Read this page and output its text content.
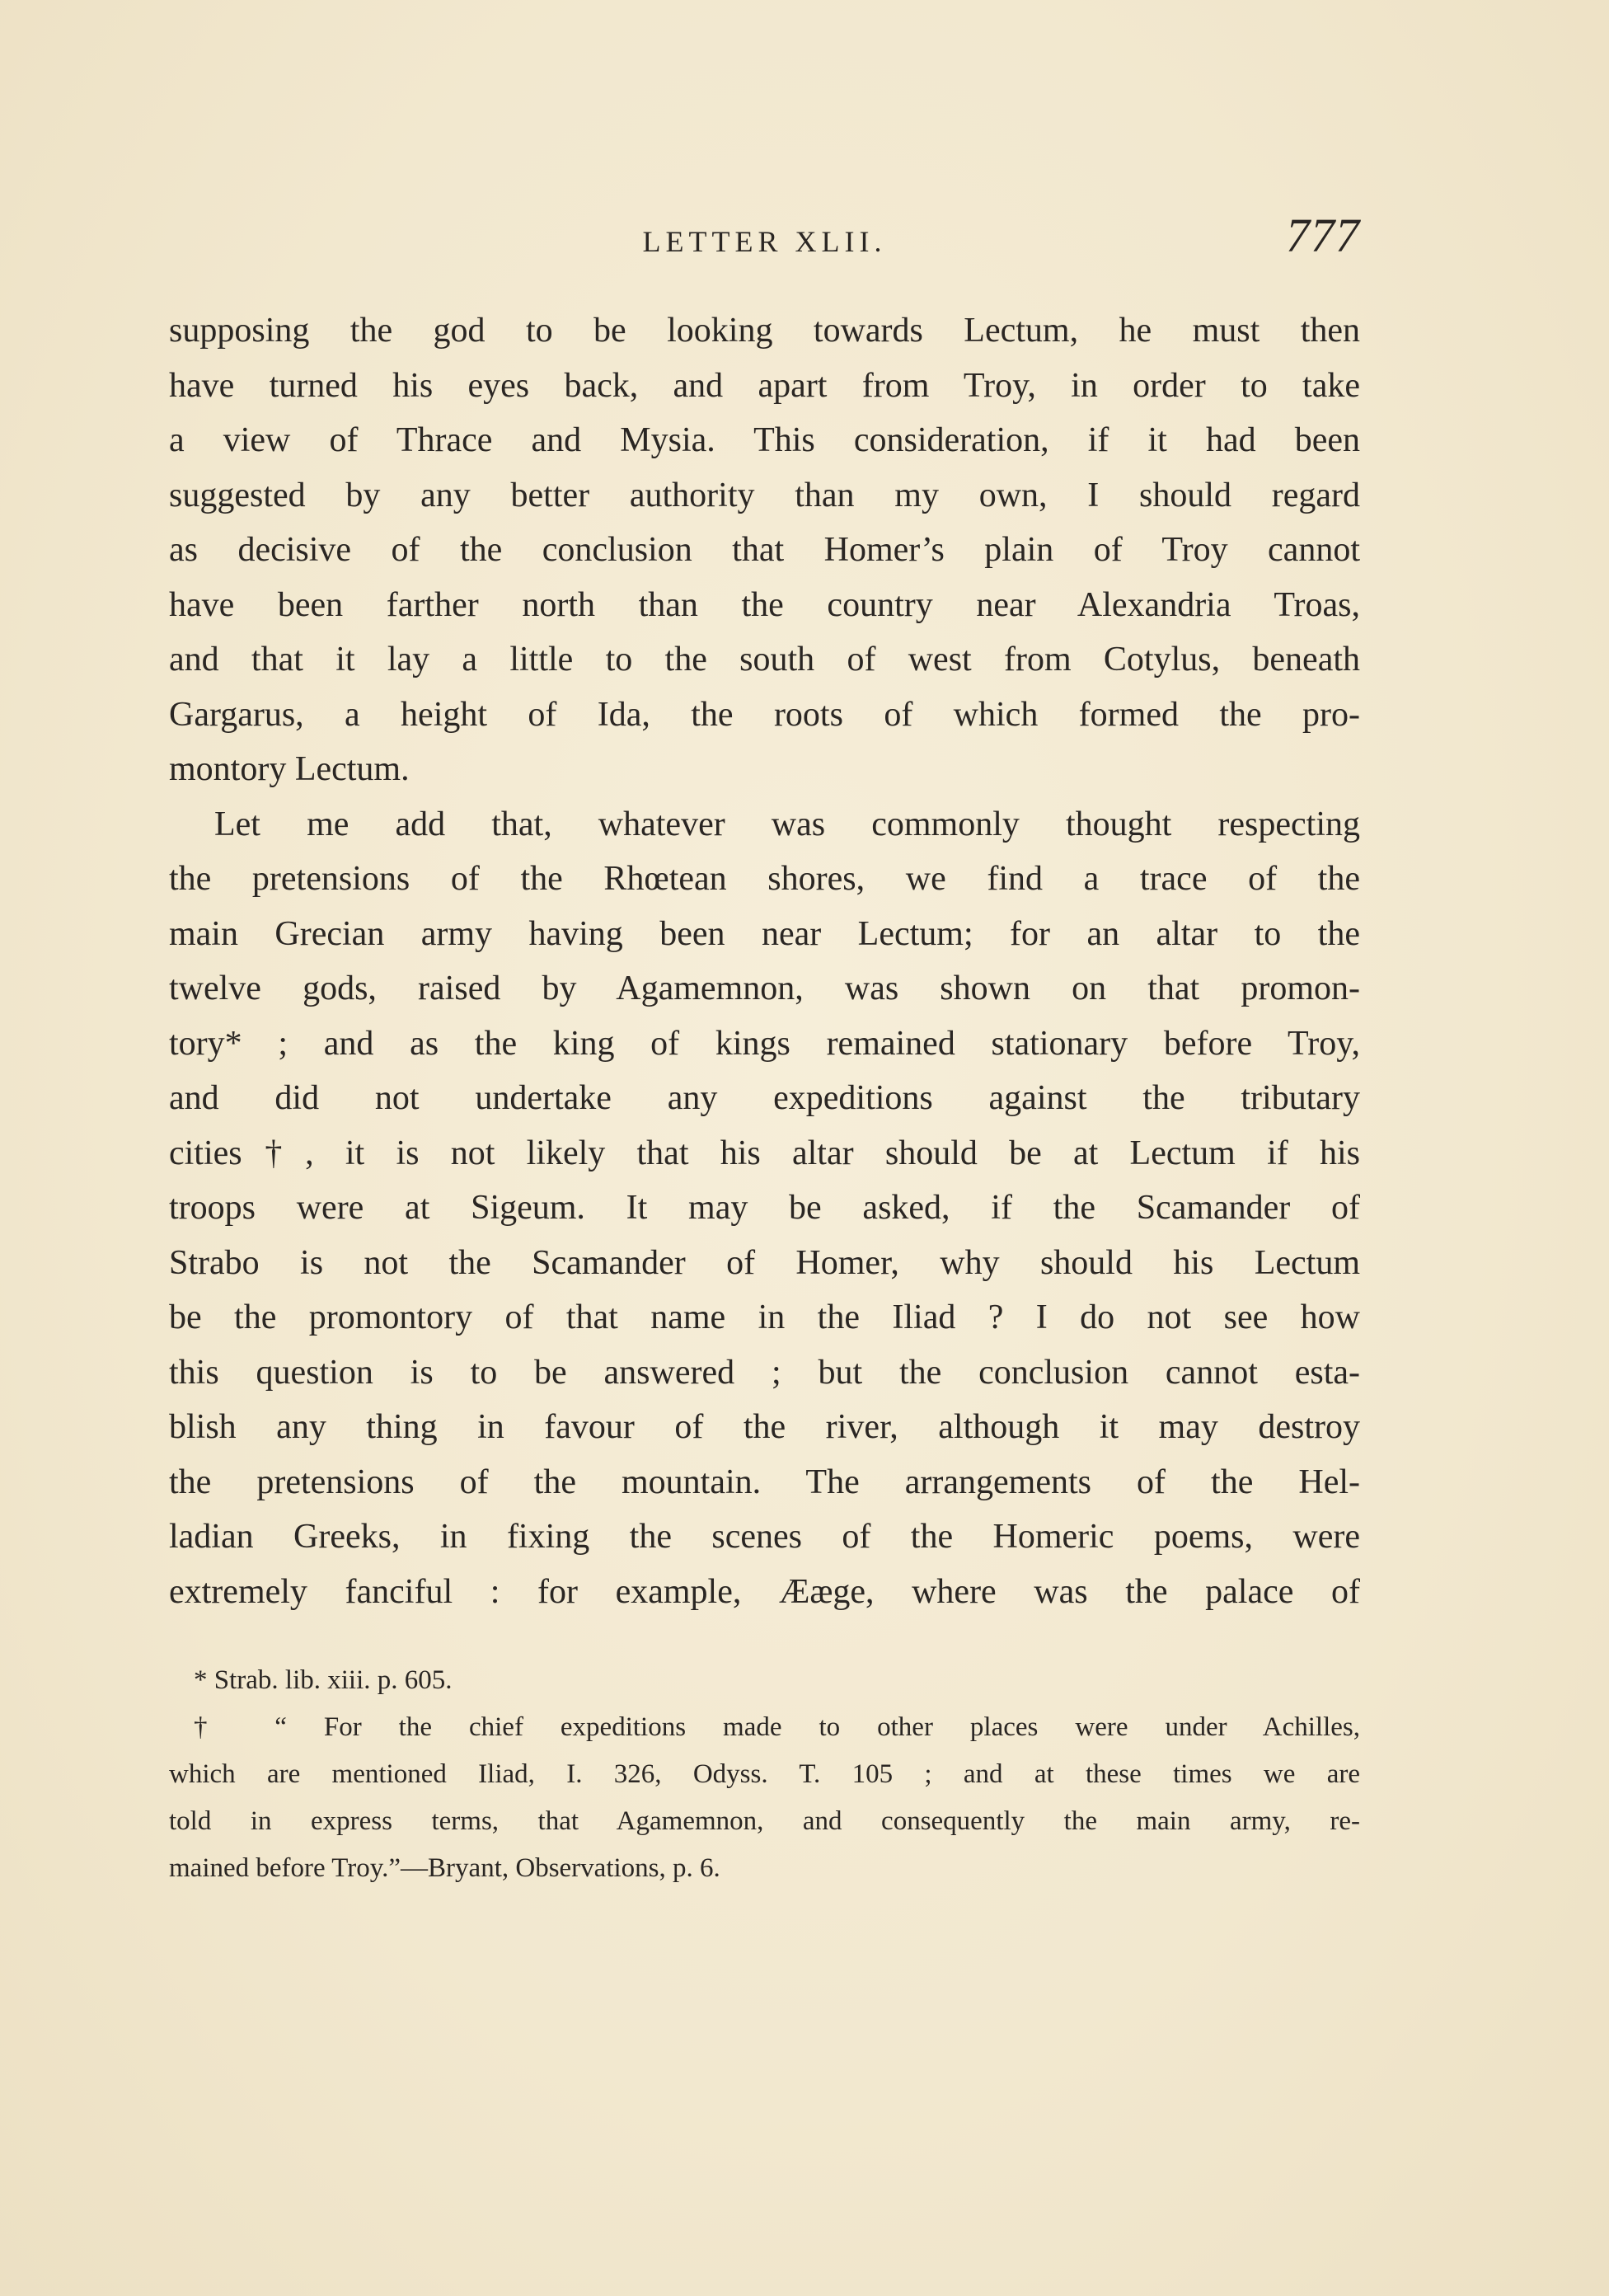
LETTER XLII.	777
supposing the god to be looking towards Lectum, he must then
have turned his eyes back, and apart from Troy, in order to take
a view of Thrace and Mysia. This consideration, if it had been
suggested by any better authority than my own, I should regard
as decisive of the conclusion that Homer’s plain of Troy cannot
have been farther north than the country near Alexandria Troas,
and that it lay a little to the south of west from Cotylus, beneath
Gargarus, a height of Ida, the roots of which formed the pro-
montory Lectum.
Let me add that, whatever was commonly thought respecting
the pretensions of the Rhœtean shores, we find a trace of the
main Grecian army having been near Lectum; for an altar to the
twelve gods, raised by Agamemnon, was shown on that promon-
tory* ; and as the king of kings remained stationary before Troy,
and did not undertake any expeditions against the tributary
cities†, it is not likely that his altar should be at Lectum if his
troops were at Sigeum. It may be asked, if the Scamander of
Strabo is not the Scamander of Homer, why should his Lectum
be the promontory of that name in the Iliad ? I do not see how
this question is to be answered ; but the conclusion cannot esta-
blish any thing in favour of the river, although it may destroy
the pretensions of the mountain. The arrangements of the Hel-
ladian Greeks, in fixing the scenes of the Homeric poems, were
extremely fanciful : for example, Ææge, where was the palace of
* Strab. lib. xiii. p. 605.
† “ For the chief expeditions made to other places were under Achilles,
which are mentioned Iliad, I. 326, Odyss. T. 105 ; and at these times we are
told in express terms, that Agamemnon, and consequently the main army, re-
mained before Troy.”—Bryant, Observations, p. 6.
